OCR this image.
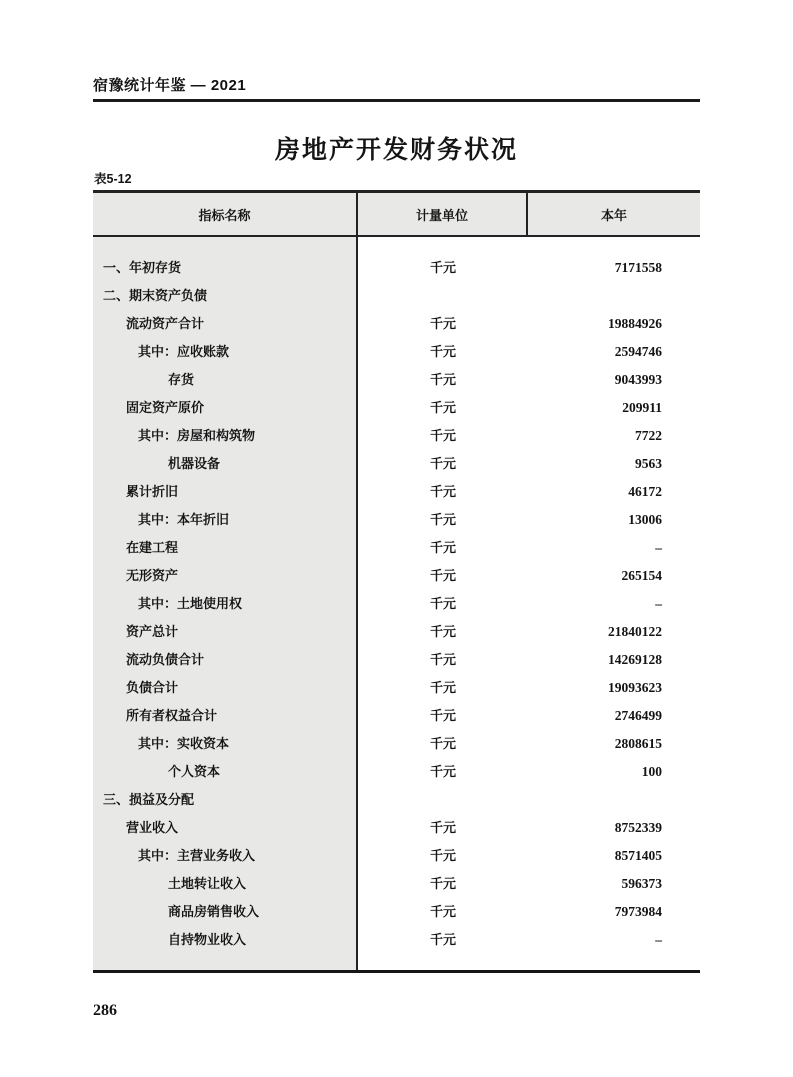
宿豫统计年鉴 — 2021
房地产开发财务状况
表5-12
指标名称	计量单位	本年
一、年初存货	千元	7171558
二、期末资产负债
流动资产合计	千元	19884926
其中：应收账款	千元	2594746
存货	千元	9043993
固定资产原价	千元	209911
其中：房屋和构筑物	千元	7722
机器设备	千元	9563
累计折旧	千元	46172
其中：本年折旧	千元	13006
在建工程	千元	–
无形资产	千元	265154
其中：土地使用权	千元	–
资产总计	千元	21840122
流动负债合计	千元	14269128
负债合计	千元	19093623
所有者权益合计	千元	2746499
其中：实收资本	千元	2808615
个人资本	千元	100
三、损益及分配
营业收入	千元	8752339
其中：主营业务收入	千元	8571405
土地转让收入	千元	596373
商品房销售收入	千元	7973984
自持物业收入	千元	–
286
